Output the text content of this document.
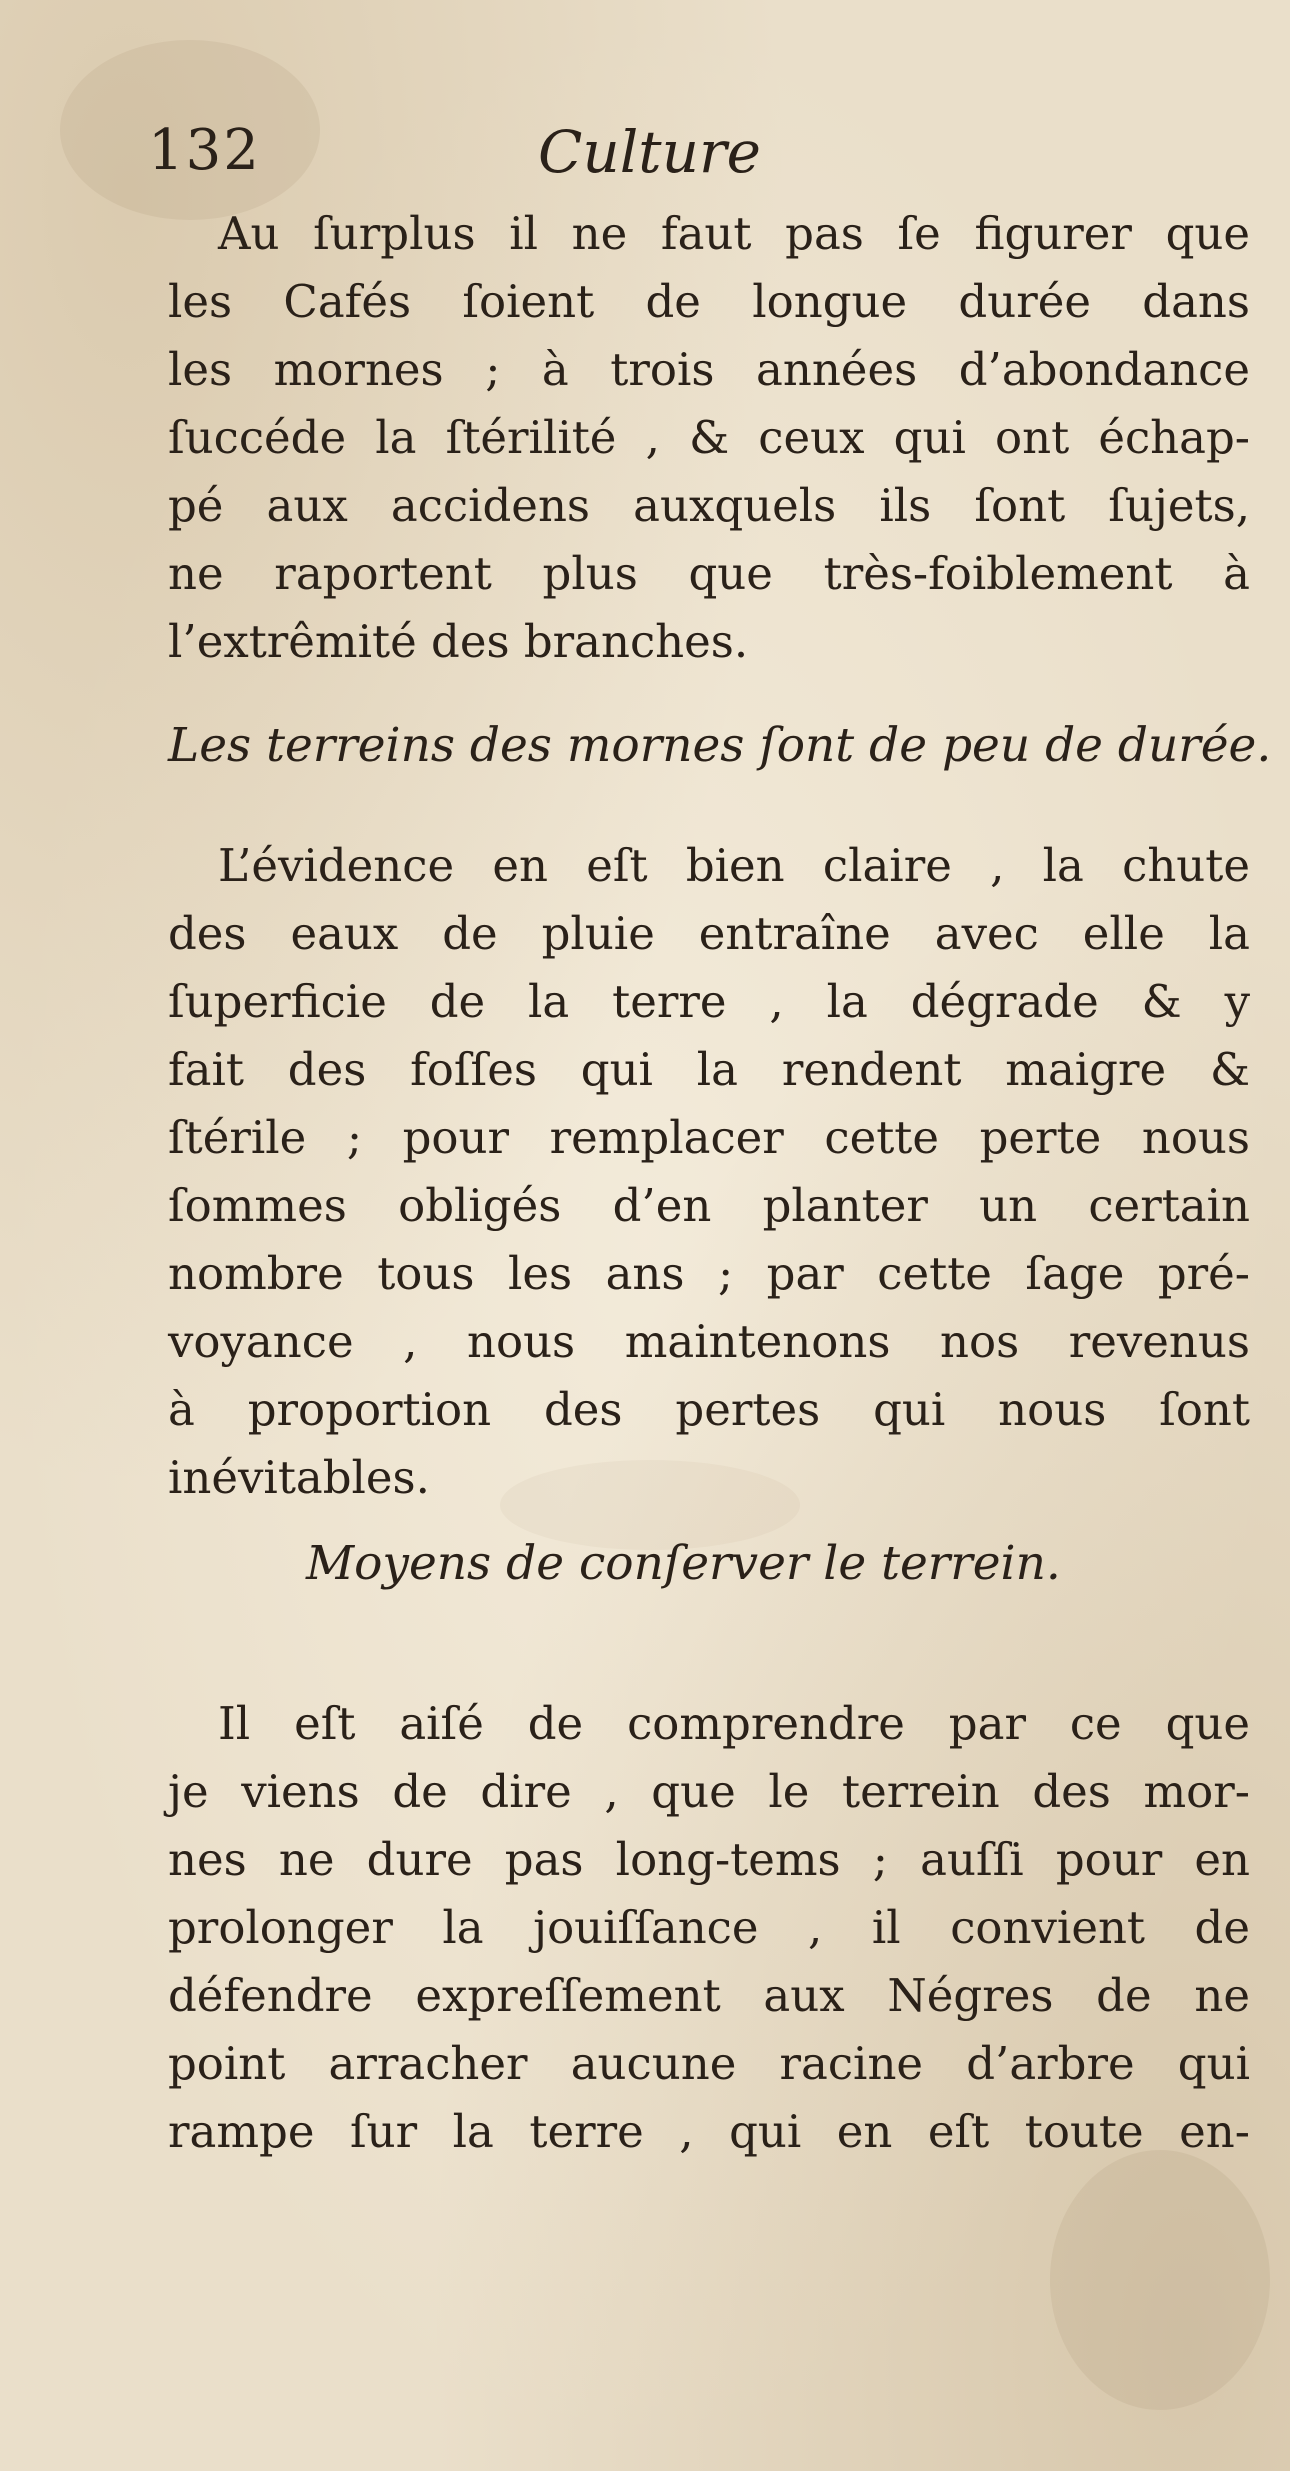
132	Culture
Au ſurplus il ne faut pas ſe figurer que
les Cafés ſoient de longue durée dans
les mornes ; à trois années d’abondance
ſuccéde la ſtérilité , & ceux qui ont échap-
pé aux accidens auxquels ils ſont ſujets,
ne raportent plus que très-foiblement à
l’extrêmité des branches.
Les terreins des mornes ſont de peu de durée.
L’évidence en eſt bien claire , la chute
des eaux de pluie entraîne avec elle la
ſuperficie de la terre , la dégrade & y
fait des foſſes qui la rendent maigre &
ſtérile ; pour remplacer cette perte nous
ſommes obligés d’en planter un certain
nombre tous les ans ; par cette ſage pré-
voyance , nous maintenons nos revenus
à proportion des pertes qui nous ſont
inévitables.
Moyens de conſerver le terrein.
Il eſt aiſé de comprendre par ce que
je viens de dire , que le terrein des mor-
nes ne dure pas long-tems ; auſſi pour en
prolonger la jouiſſance , il convient de
défendre expreſſement aux Négres de ne
point arracher aucune racine d’arbre qui
rampe ſur la terre , qui en eſt toute en-
